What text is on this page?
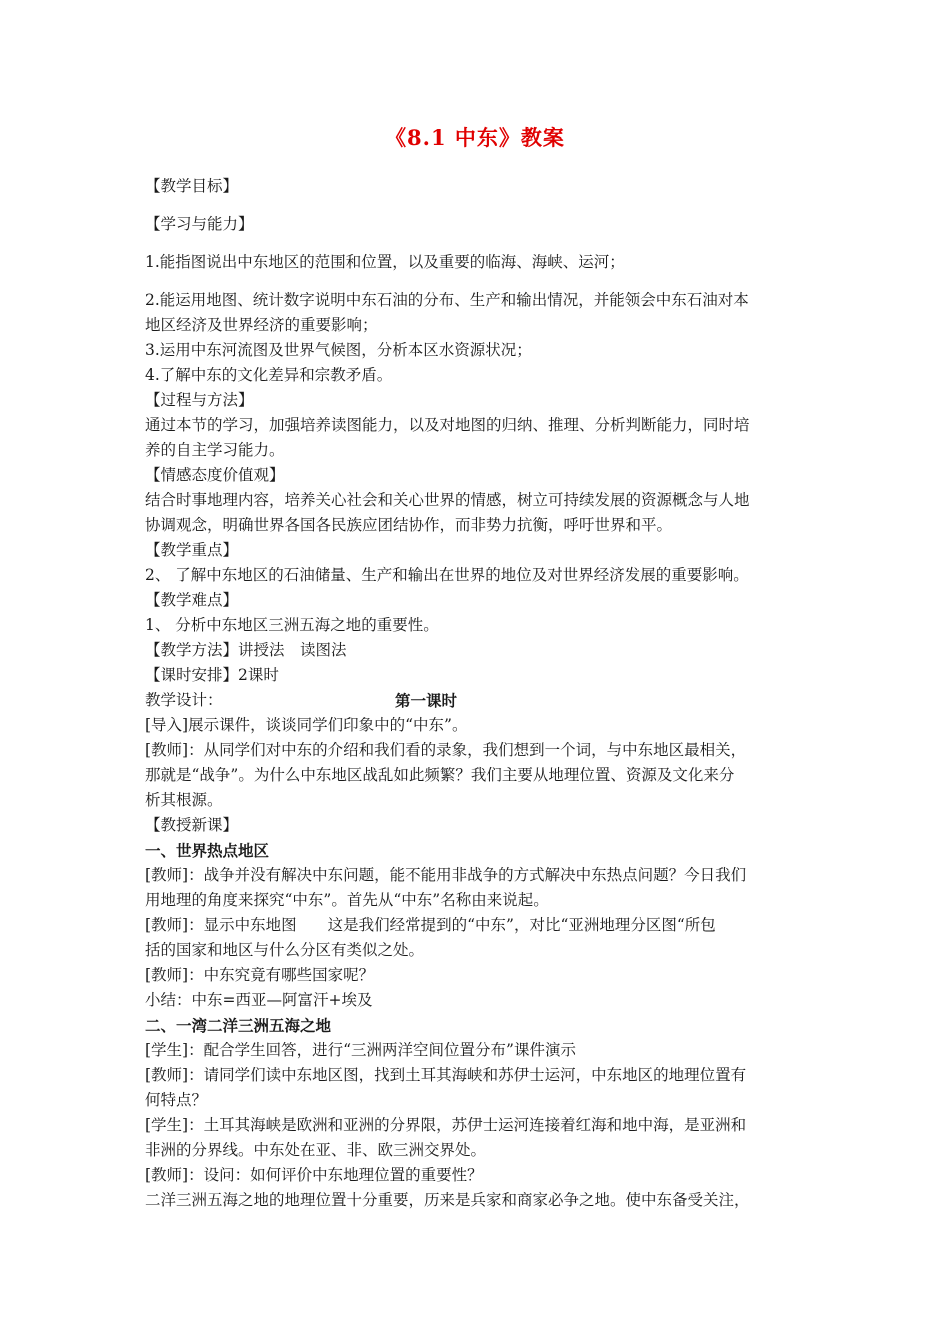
《8.1 中东》教案

【教学目标】

【学习与能力】

1.能指图说出中东地区的范围和位置，以及重要的临海、海峡、运河；

2.能运用地图、统计数字说明中东石油的分布、生产和输出情况，并能领会中东石油对本

地区经济及世界经济的重要影响；

3.运用中东河流图及世界气候图，分析本区水资源状况；

4.了解中东的文化差异和宗教矛盾。

【过程与方法】

通过本节的学习，加强培养读图能力，以及对地图的归纳、推理、分析判断能力，同时培

养的自主学习能力。

【情感态度价值观】

结合时事地理内容，培养关心社会和关心世界的情感，树立可持续发展的资源概念与人地

协调观念，明确世界各国各民族应团结协作，而非势力抗衡，呼吁世界和平。

【教学重点】

2、 了解中东地区的石油储量、生产和输出在世界的地位及对世界经济发展的重要影响。

【教学难点】

1、 分析中东地区三洲五海之地的重要性。

【教学方法】讲授法　读图法

【课时安排】2课时

教学设计：	第一课时

[导入]展示课件，谈谈同学们印象中的“中东”。

[教师]：从同学们对中东的介绍和我们看的录象，我们想到一个词，与中东地区最相关，

那就是“战争”。为什么中东地区战乱如此频繁？我们主要从地理位置、资源及文化来分

析其根源。

【教授新课】

一、世界热点地区

[教师]：战争并没有解决中东问题，能不能用非战争的方式解决中东热点问题？今日我们

用地理的角度来探究“中东”。首先从“中东”名称由来说起。

[教师]：显示中东地图　　这是我们经常提到的“中东”，对比“亚洲地理分区图“所包

括的国家和地区与什么分区有类似之处。

[教师]：中东究竟有哪些国家呢？

小结：中东=西亚—阿富汗+埃及

二、一湾二洋三洲五海之地

[学生]：配合学生回答，进行“三洲两洋空间位置分布”课件演示

[教师]：请同学们读中东地区图，找到土耳其海峡和苏伊士运河，中东地区的地理位置有

何特点？

[学生]：土耳其海峡是欧洲和亚洲的分界限，苏伊士运河连接着红海和地中海，是亚洲和

非洲的分界线。中东处在亚、非、欧三洲交界处。

[教师]：设问：如何评价中东地理位置的重要性？

二洋三洲五海之地的地理位置十分重要，历来是兵家和商家必争之地。使中东备受关注，
